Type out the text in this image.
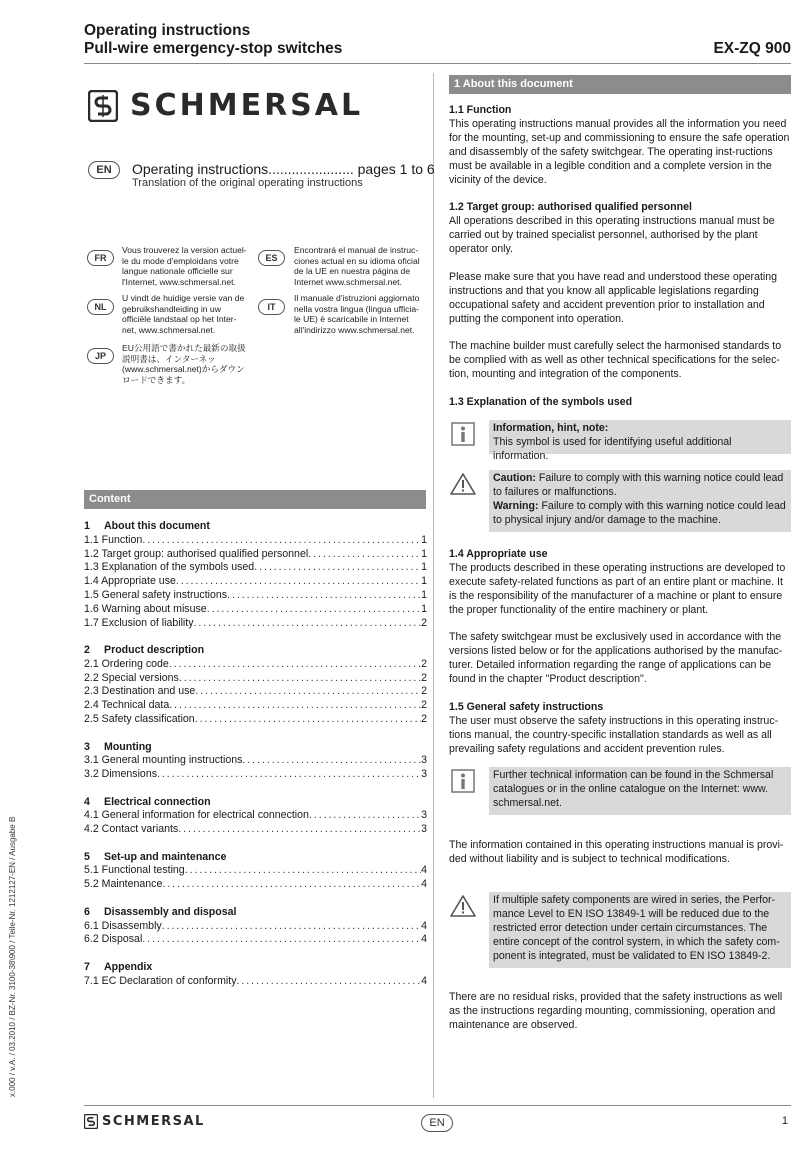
Operating instructions
Pull-wire emergency-stop switches	EX-ZQ 900
SCHMERSAL
EN	Operating instructions...................... pages 1 to 6
Translation of the original operating instructions
FR
Vous trouverez la version actuel-le du mode d'emploidans votre langue nationale officielle sur l'Internet, www.schmersal.net.
ES
Encontrará el manual de instruc-ciones actual en su idioma oficial de la UE en nuestra página de Internet www.schmersal.net.
NL
U vindt de huidige versie van de gebruikshandleiding in uw officiële landstaal op het Inter-net, www.schmersal.net.
IT
Il manuale d'istruzioni aggiornato nella vostra lingua (lingua ufficia-le UE) è scaricabile in Internet all'indirizzo www.schmersal.net.
JP
EU公用語で書かれた最新の取扱説明書は、インターネッ (www.schmersal.net)からダウンロードできます。
Content
1	About this document
1.1 Function . . .	1
1.2 Target group: authorised qualified personnel . . .	1
1.3 Explanation of the symbols used . . .	1
1.4 Appropriate use . . .	1
1.5 General safety instructions . . .	1
1.6 Warning about misuse . . .	1
1.7 Exclusion of liability . . .	2
2	Product description
2.1 Ordering code . . .	2
2.2 Special versions . . .	2
2.3 Destination and use . . .	2
2.4 Technical data . . .	2
2.5 Safety classification . . .	2
3	Mounting
3.1 General mounting instructions . . .	3
3.2 Dimensions . . .	3
4	Electrical connection
4.1 General information for electrical connection . . .	3
4.2 Contact variants . . .	3
5	Set-up and maintenance
5.1 Functional testing . . .	4
5.2 Maintenance . . .	4
6	Disassembly and disposal
6.1 Disassembly . . .	4
6.2 Disposal . . .	4
7	Appendix
7.1 EC Declaration of conformity . . .	4
1 About this document
1.1 Function

This operating instructions manual provides all the information you need for the mounting, set-up and commissioning to ensure the safe operation and disassembly of the safety switchgear. The operating inst-ructions must be available in a legible condition and a complete version in the vicinity of the device.

1.2 Target group: authorised qualified personnel

All operations described in this operating instructions manual must be carried out by trained specialist personnel, authorised by the plant operator only.

Please make sure that you have read and understood these operating instructions and that you know all applicable legislations regarding occupational safety and accident prevention prior to installation and putting the component into operation.

The machine builder must carefully select the harmonised standards to be complied with as well as other technical specifications for the selec-tion, mounting and integration of the components.

1.3 Explanation of the symbols used
Information, hint, note:
This symbol is used for identifying useful additional information.
Caution: Failure to comply with this warning notice could lead to failures or malfunctions.
Warning: Failure to comply with this warning notice could lead to physical injury and/or damage to the machine.
1.4 Appropriate use

The products described in these operating instructions are developed to execute safety-related functions as part of an entire plant or machine. It is the responsibility of the manufacturer of a machine or plant to ensure the proper functionality of the entire machinery or plant.

The safety switchgear must be exclusively used in accordance with the versions listed below or for the applications authorised by the manufac-turer. Detailed information regarding the range of applications can be found in the chapter "Product description".

1.5 General safety instructions

The user must observe the safety instructions in this operating instruc-tions manual, the country-specific installation standards as well as all prevailing safety regulations and accident prevention rules.

Further technical information can be found in the Schmersal catalogues or in the online catalogue on the Internet: www. schmersal.net.
The information contained in this operating instructions manual is provi-ded without liability and is subject to technical modifications.
If multiple safety components are wired in series, the Perfor-mance Level to EN ISO 13849-1 will be reduced due to the restricted error detection under certain circumstances. The entire concept of the control system, in which the safety com-ponent is integrated, must be validated to EN ISO 13849-2.
There are no residual risks, provided that the safety instructions as well as the instructions regarding mounting, commissioning, operation and maintenance are observed.
x.000 / v.A. / 03.2010 / BZ-Nr. 3100-38\900 / Teile-Nr. 1212127-EN / Ausgabe B
SCHMERSAL	EN	1
